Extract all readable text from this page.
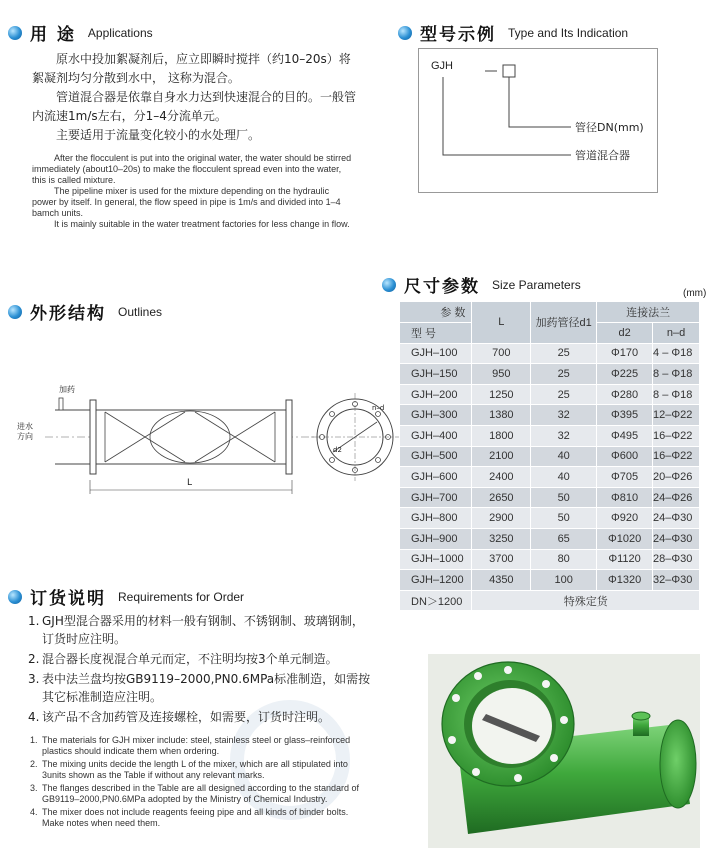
用 途 Applications

原水中投加絮凝剂后，应立即瞬时搅拌（约10–20s）将絮凝剂均匀分散到水中， 这称为混合。

管道混合器是依靠自身水力达到快速混合的目的。一般管内流速1m/s左右，分1–4分流单元。

主要适用于流量变化较小的水处理厂。

After the flocculent is put into the original water, the water should be stirred immediately (about10–20s) to make the flocculent spread even into the water, this is called mixture.

The pipeline mixer is used for the mixture depending on the hydraulic power by itself. In general, the flow speed in pipe is 1m/s and divided into 1–4 bamch units.

It is mainly suitable in the water treatment factories for less change in flow.

型号示例 Type and Its Indication
GJH
管径DN(mm)
管道混合器
外形结构 Outlines
加药
进水
方向
L
n–d
d2
尺寸参数 Size Parameters
(mm)
参 数	L	加药管径d1	连接法兰	
型 号			d2	n–d
GJH–100	700	25	Φ170	4 – Φ18
GJH–150	950	25	Φ225	8 – Φ18
GJH–200	1250	25	Φ280	8 – Φ18
GJH–300	1380	32	Φ395	12–Φ22
GJH–400	1800	32	Φ495	16–Φ22
GJH–500	2100	40	Φ600	16–Φ22
GJH–600	2400	40	Φ705	20–Φ26
GJH–700	2650	50	Φ810	24–Φ26
GJH–800	2900	50	Φ920	24–Φ30
GJH–900	3250	65	Φ1020	24–Φ30
GJH–1000	3700	80	Φ1120	28–Φ30
GJH–1200	4350	100	Φ1320	32–Φ30
DN＞1200	特殊定货			
订货说明 Requirements for Order
1. GJH型混合器采用的材料一般有钢制、不锈钢制、玻璃钢制，订货时应注明。
2. 混合器长度视混合单元而定，不注明均按3个单元制造。
3. 表中法兰盘均按GB9119–2000,PN0.6MPa标准制造，如需按其它标准制造应注明。
4. 该产品不含加药管及连接螺栓，如需要，订货时注明。
1. The materials for GJH mixer include: steel, stainless steel or glass–reinforced plastics should indicate them when ordering.
2. The mixing units decide the length L of the mixer, which are all stipulated into 3units shown as the Table if without any relevant marks.
3. The flanges described in the Table are all designed according to the standard of GB9119–2000,PN0.6MPa adopted by the Ministry of Chemical Industry.
4. The mixer does not include reagents feeing pipe and all kinds of binder bolts. Make notes when need them.
